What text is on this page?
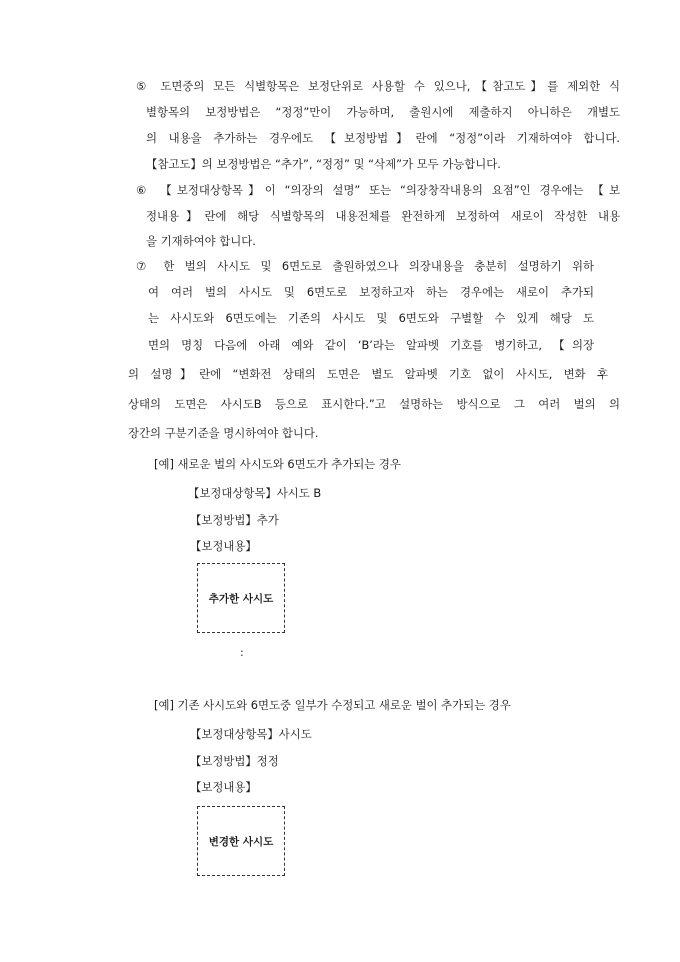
⑤ 도면중의 모든 식별항목은 보정단위로 사용할 수 있으나,【참고도】를 제외한 식
별항목의 보정방법은 “정정”만이 가능하며, 출원시에 제출하지 아니하은 개별도
의 내용을 추가하는 경우에도 【보정방법】란에 “정정”이라 기재하여야 합니다.
【참고도】의 보정방법은 “추가”, “정정” 및 “삭제”가 모두 가능합니다.
⑥ 【보정대상항목】이 “의장의 설명” 또는 “의장창작내용의 요점”인 경우에는 【보
정내용】란에 해당 식별항목의 내용전체를 완전하게 보정하여 새로이 작성한 내용
을 기재하여야 합니다.
⑦ 한 벌의 사시도 및 6면도로 출원하였으나 의장내용을 충분히 설명하기 위하
여 여러 벌의 사시도 및 6면도로 보정하고자 하는 경우에는 새로이 추가되
는 사시도와 6면도에는 기존의 사시도 및 6면도와 구별할 수 있게 해당 도
면의 명칭 다음에 아래 예와 같이 ‘B’라는 알파벳 기호를 병기하고, 【의장
의 설명】란에 “변화전 상태의 도면은 별도 알파벳 기호 없이 사시도, 변화 후
상태의 도면은 사시도B 등으로 표시한다.”고 설명하는 방식으로 그 여러 벌의 의
장간의 구분기준을 명시하여야 합니다.
[예] 새로운 벌의 사시도와 6면도가 추가되는 경우
【보정대상항목】사시도 B
【보정방법】추가
【보정내용】
추가한 사시도
:
[예] 기존 사시도와 6면도중 일부가 수정되고 새로운 벌이 추가되는 경우
【보정대상항목】사시도
【보정방법】정정
【보정내용】
변경한 사시도
